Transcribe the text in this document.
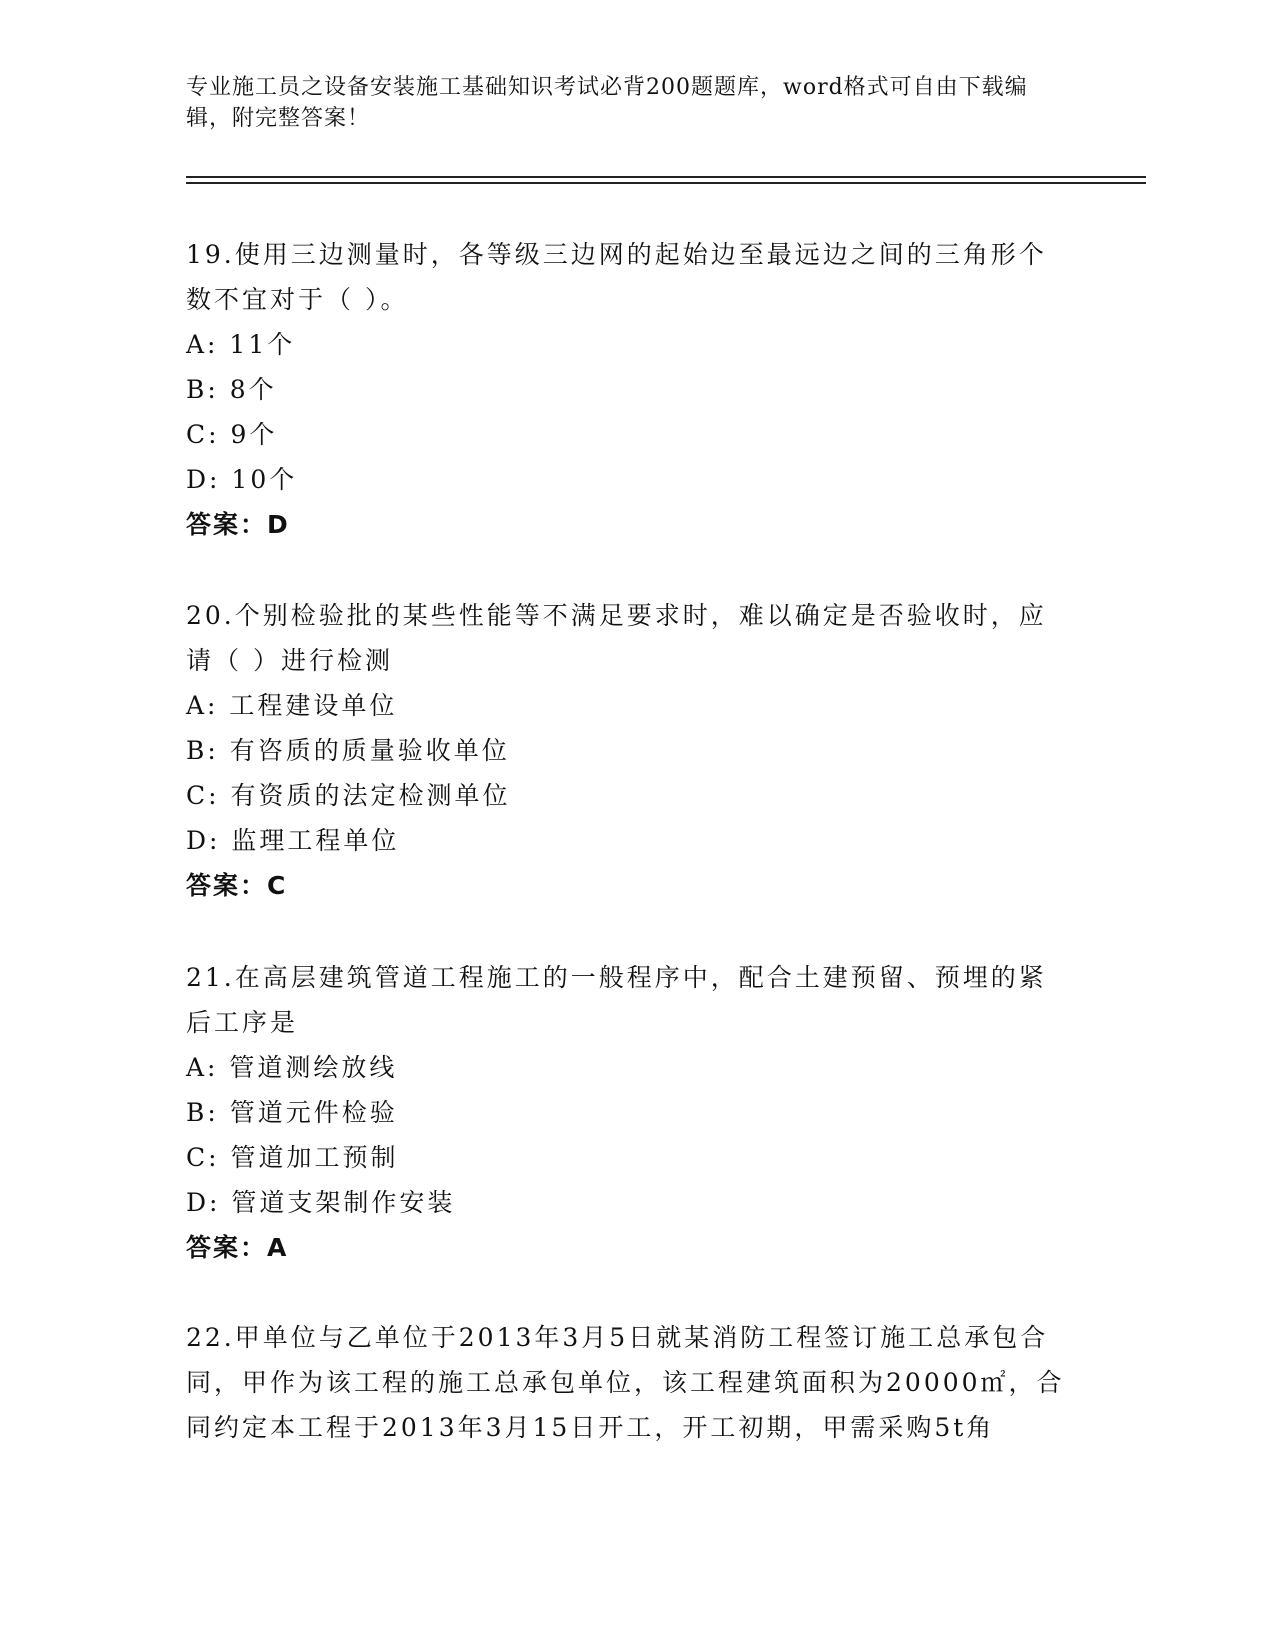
专业施工员之设备安装施工基础知识考试必背200题题库，word格式可自由下载编辑，附完整答案！

19.使用三边测量时，各等级三边网的起始边至最远边之间的三角形个数不宜对于（ ）。

A: 11个

B: 8个

C: 9个

D: 10个

答案：D

20.个别检验批的某些性能等不满足要求时，难以确定是否验收时，应请（ ）进行检测

A: 工程建设单位

B: 有咨质的质量验收单位

C: 有资质的法定检测单位

D: 监理工程单位

答案：C

21.在高层建筑管道工程施工的一般程序中，配合土建预留、预埋的紧后工序是

A: 管道测绘放线

B: 管道元件检验

C: 管道加工预制

D: 管道支架制作安装

答案：A

22.甲单位与乙单位于2013年3月5日就某消防工程签订施工总承包合同，甲作为该工程的施工总承包单位，该工程建筑面积为20000㎡，合同约定本工程于2013年3月15日开工，开工初期，甲需采购5t角
